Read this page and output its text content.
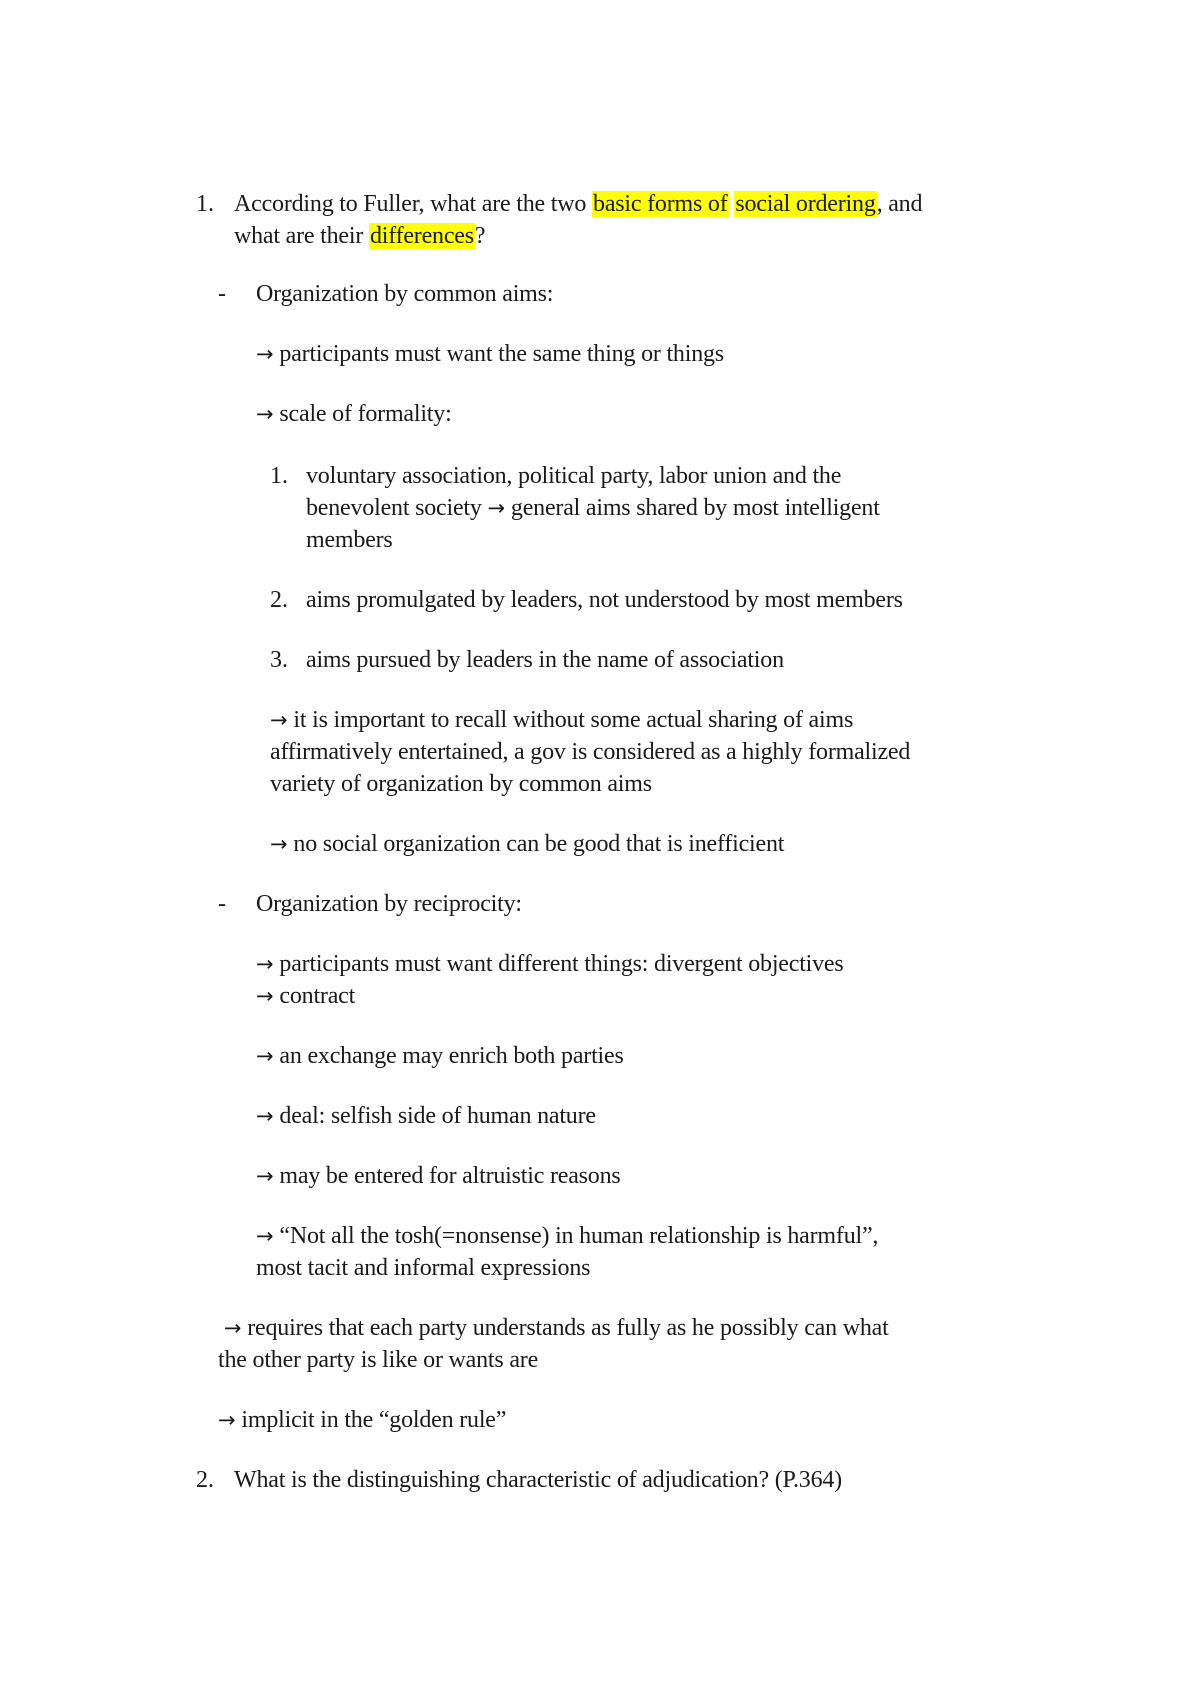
1. According to Fuller, what are the two basic forms of social ordering, and

what are their differences?

- Organization by common aims:

→ participants must want the same thing or things

→ scale of formality:

1. voluntary association, political party, labor union and the

benevolent society → general aims shared by most intelligent

members

2. aims promulgated by leaders, not understood by most members

3. aims pursued by leaders in the name of association

→ it is important to recall without some actual sharing of aims

affirmatively entertained, a gov is considered as a highly formalized

variety of organization by common aims

→ no social organization can be good that is inefficient

- Organization by reciprocity:

→ participants must want different things: divergent objectives

→ contract

→ an exchange may enrich both parties

→ deal: selfish side of human nature

→ may be entered for altruistic reasons

→ “Not all the tosh(=nonsense) in human relationship is harmful”,

most tacit and informal expressions

→ requires that each party understands as fully as he possibly can what

the other party is like or wants are

→ implicit in the “golden rule”

2. What is the distinguishing characteristic of adjudication? (P.364)
